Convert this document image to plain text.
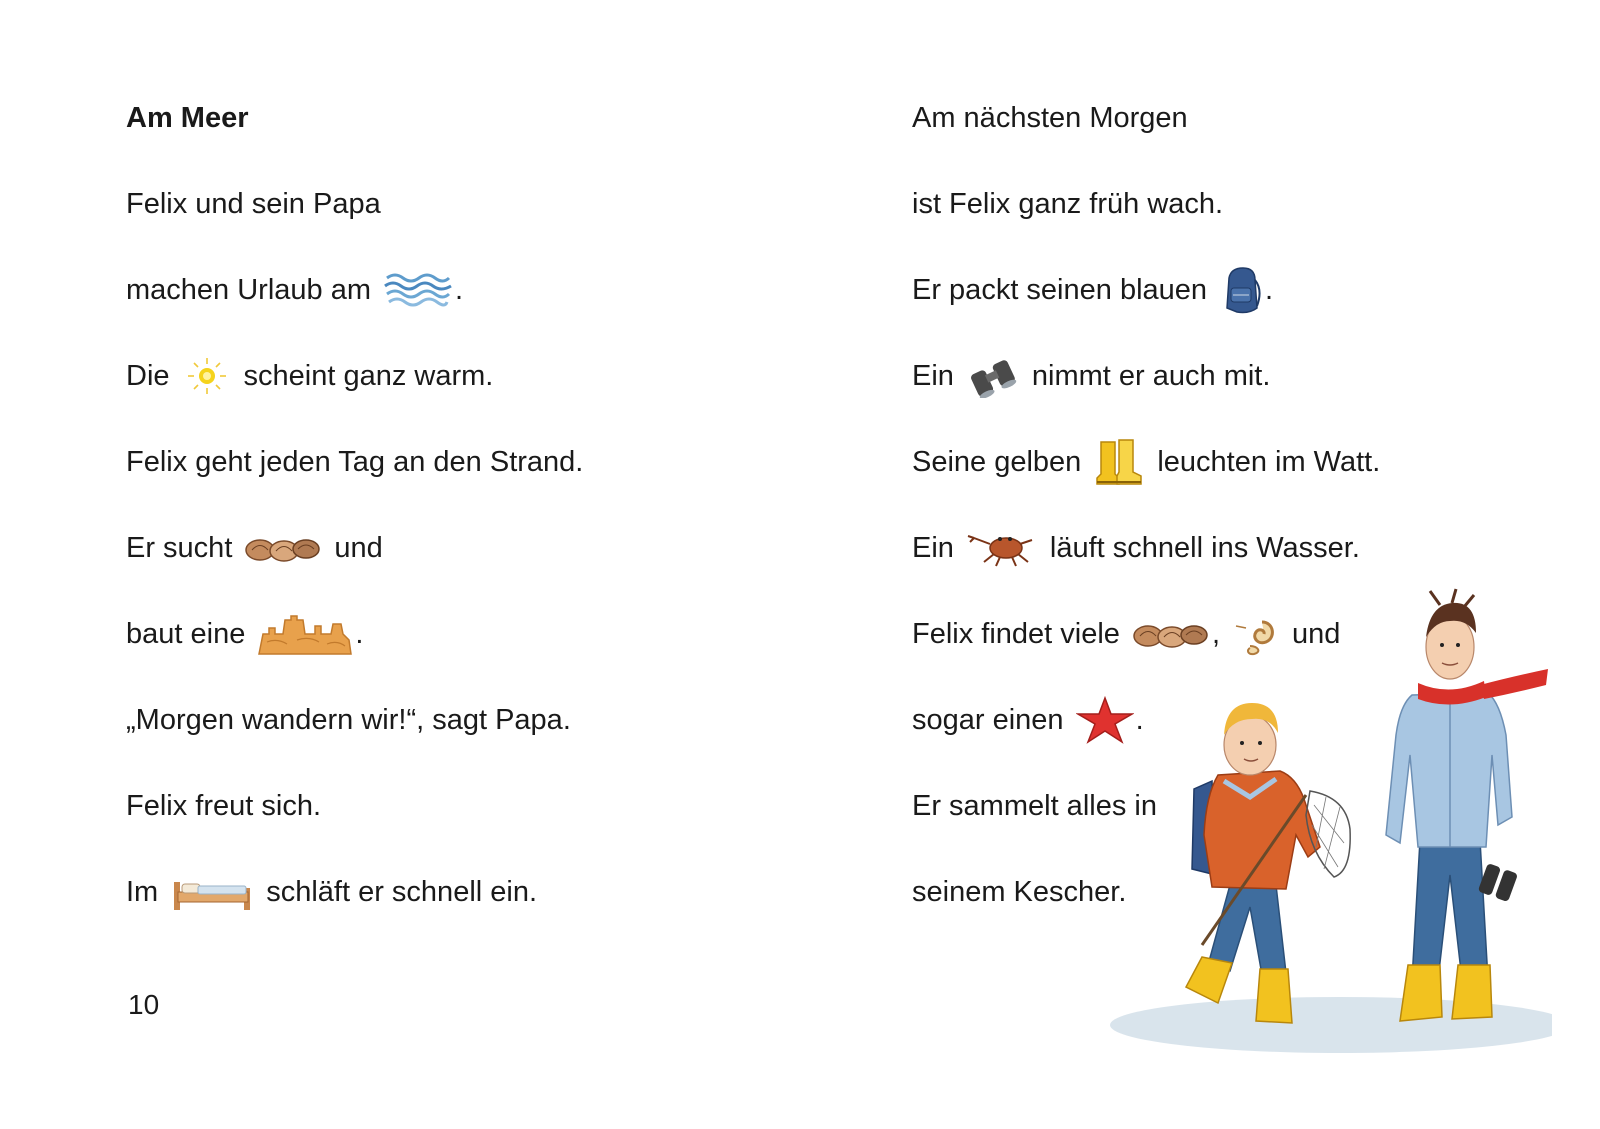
Am Meer
Felix und sein Papa
machen Urlaub am	.
Die	scheint ganz warm.
Felix geht jeden Tag an den Strand.
Er sucht	und
baut eine	.
„Morgen wandern wir!“, sagt Papa.
Felix freut sich.
Im	schläft er schnell ein.
10
Am nächsten Morgen
ist Felix ganz früh wach.
Er packt seinen blauen .
Ein	nimmt er auch mit.
Seine gelben	leuchten im Watt.
Ein	läuft schnell ins Wasser.
Felix findet viele	, und
sogar einen .
Er sammelt alles in
seinem Kescher.
